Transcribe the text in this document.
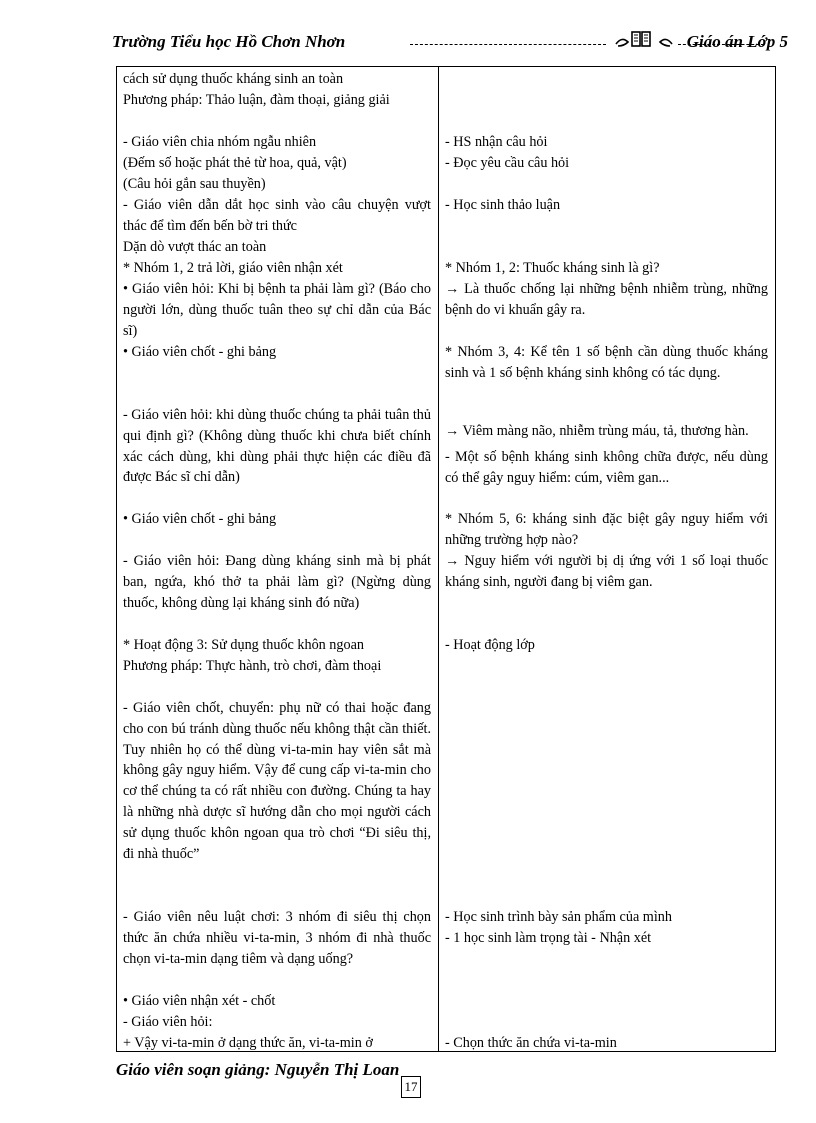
Trường Tiểu học Hồ Chơn Nhơn	Giáo án Lớp 5

cách sử dụng thuốc kháng sinh an toàn

Phương pháp: Thảo luận, đàm thoại, giảng giải

- Giáo viên chia nhóm ngẫu nhiên

(Đếm số hoặc phát thẻ từ hoa, quả, vật)

(Câu hỏi gắn sau thuyền)

- Giáo viên dẫn dắt học sinh vào câu chuyện vượt thác để tìm đến bến bờ tri thức

Dặn dò vượt thác an toàn

* Nhóm 1, 2 trả lời, giáo viên nhận xét

• Giáo viên hỏi: Khi bị bệnh ta phải làm gì? (Báo cho người lớn, dùng thuốc tuân theo sự chỉ dẫn của Bác sĩ)

• Giáo viên chốt - ghi bảng

- Giáo viên hỏi: khi dùng thuốc chúng ta phải tuân thủ qui định gì? (Không dùng thuốc khi chưa biết chính xác cách dùng, khi dùng phải thực hiện các điều đã được Bác sĩ chỉ dẫn)

• Giáo viên chốt - ghi bảng

- Giáo viên hỏi: Đang dùng kháng sinh mà bị phát ban, ngứa, khó thở ta phải làm gì? (Ngừng dùng thuốc, không dùng lại kháng sinh đó nữa)

* Hoạt động 3: Sử dụng thuốc khôn ngoan

Phương pháp: Thực hành, trò chơi, đàm thoại

- Giáo viên chốt, chuyển: phụ nữ có thai hoặc đang cho con bú tránh dùng thuốc nếu không thật cần thiết. Tuy nhiên họ có thể dùng vi-ta-min hay viên sắt mà không gây nguy hiểm. Vậy để cung cấp vi-ta-min cho cơ thể chúng ta có rất nhiều con đường. Chúng ta hay là những nhà dược sĩ hướng dẫn cho mọi người cách sử dụng thuốc khôn ngoan qua trò chơi “Đi siêu thị, đi nhà thuốc”

- Giáo viên nêu luật chơi: 3 nhóm đi siêu thị chọn thức ăn chứa nhiều vi-ta-min, 3 nhóm đi nhà thuốc chọn vi-ta-min dạng tiêm và dạng uống?

• Giáo viên nhận xét - chốt

- Giáo viên hỏi:

+ Vậy vi-ta-min ở dạng thức ăn, vi-ta-min ở

- HS nhận câu hỏi

- Đọc yêu cầu câu hỏi

- Học sinh thảo luận

* Nhóm 1, 2: Thuốc kháng sinh là gì?

→ Là thuốc chống lại những bệnh nhiễm trùng, những bệnh do vi khuẩn gây ra.

* Nhóm 3, 4: Kể tên 1 số bệnh cần dùng thuốc kháng sinh và 1 số bệnh kháng sinh không có tác dụng.

→ Viêm màng não, nhiễm trùng máu, tả, thương hàn.

- Một số bệnh kháng sinh không chữa được, nếu dùng có thể gây nguy hiểm: cúm, viêm gan...

* Nhóm 5, 6: kháng sinh đặc biệt gây nguy hiểm với những trường hợp nào?

→ Nguy hiểm với người bị dị ứng với 1 số loại thuốc kháng sinh, người đang bị viêm gan.

- Hoạt động lớp

- Học sinh trình bày sản phẩm của mình

- 1 học sinh làm trọng tài - Nhận xét

- Chọn thức ăn chứa vi-ta-min

Giáo viên soạn giảng: Nguyễn Thị Loan
17
